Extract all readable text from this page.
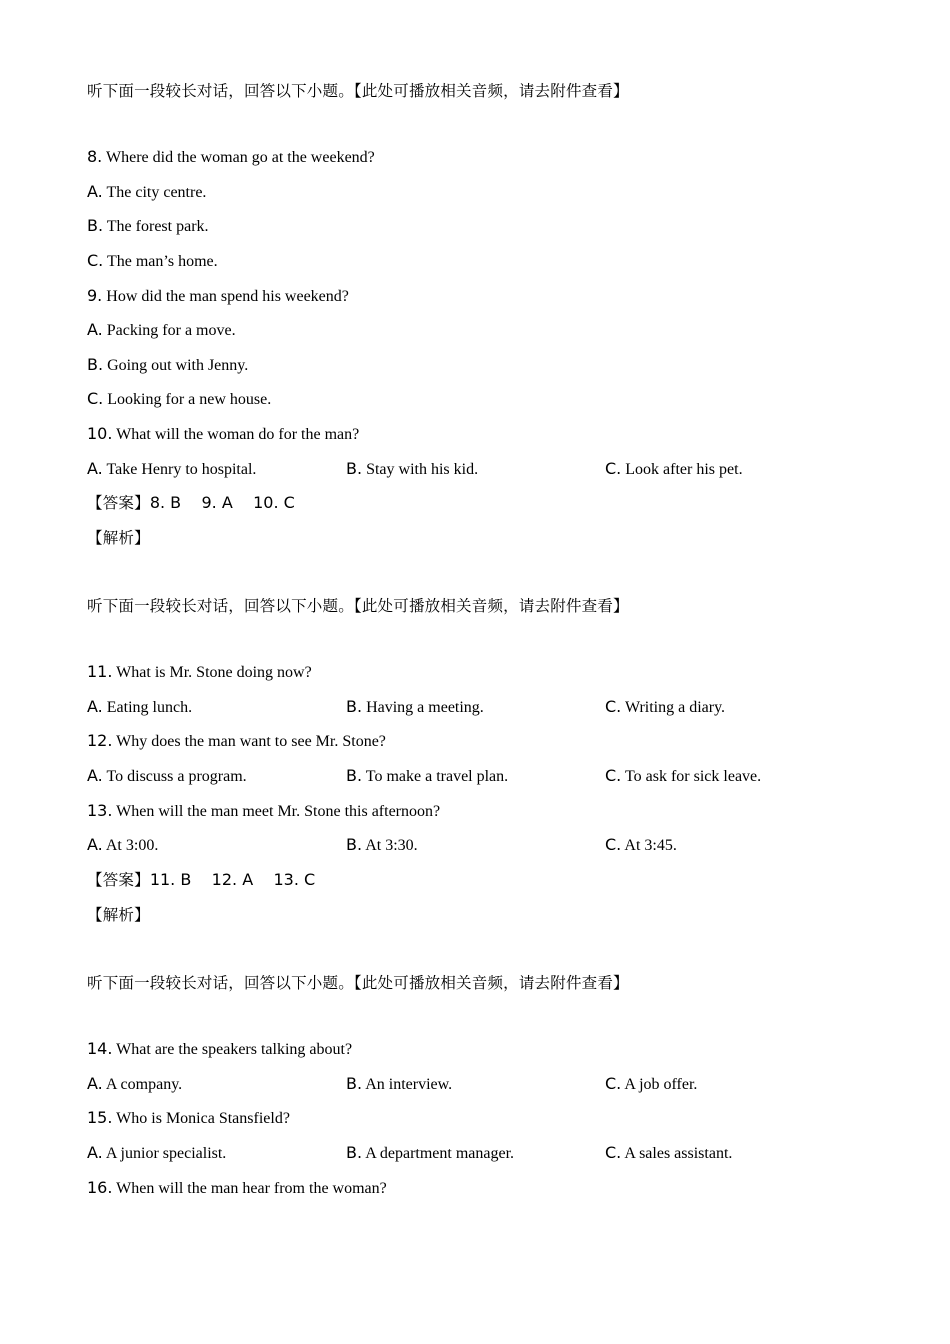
听下面一段较长对话，回答以下小题。【此处可播放相关音频，请去附件查看】
8. Where did the woman go at the weekend?
A. The city centre.
B. The forest park.
C. The man’s home.
9. How did the man spend his weekend?
A. Packing for a move.
B. Going out with Jenny.
C. Looking for a new house.
10. What will the woman do for the man?
A. Take Henry to hospital.	B. Stay with his kid.	C. Look after his pet.
【答案】8. B    9. A    10. C
【解析】
听下面一段较长对话，回答以下小题。【此处可播放相关音频，请去附件查看】
11. What is Mr. Stone doing now?
A. Eating lunch.	B. Having a meeting.	C. Writing a diary.
12. Why does the man want to see Mr. Stone?
A. To discuss a program.	B. To make a travel plan.	C. To ask for sick leave.
13. When will the man meet Mr. Stone this afternoon?
A. At 3:00.	B. At 3:30.	C. At 3:45.
【答案】11. B    12. A    13. C
【解析】
听下面一段较长对话，回答以下小题。【此处可播放相关音频，请去附件查看】
14. What are the speakers talking about?
A. A company.	B. An interview.	C. A job offer.
15. Who is Monica Stansfield?
A. A junior specialist.	B. A department manager.	C. A sales assistant.
16. When will the man hear from the woman?
